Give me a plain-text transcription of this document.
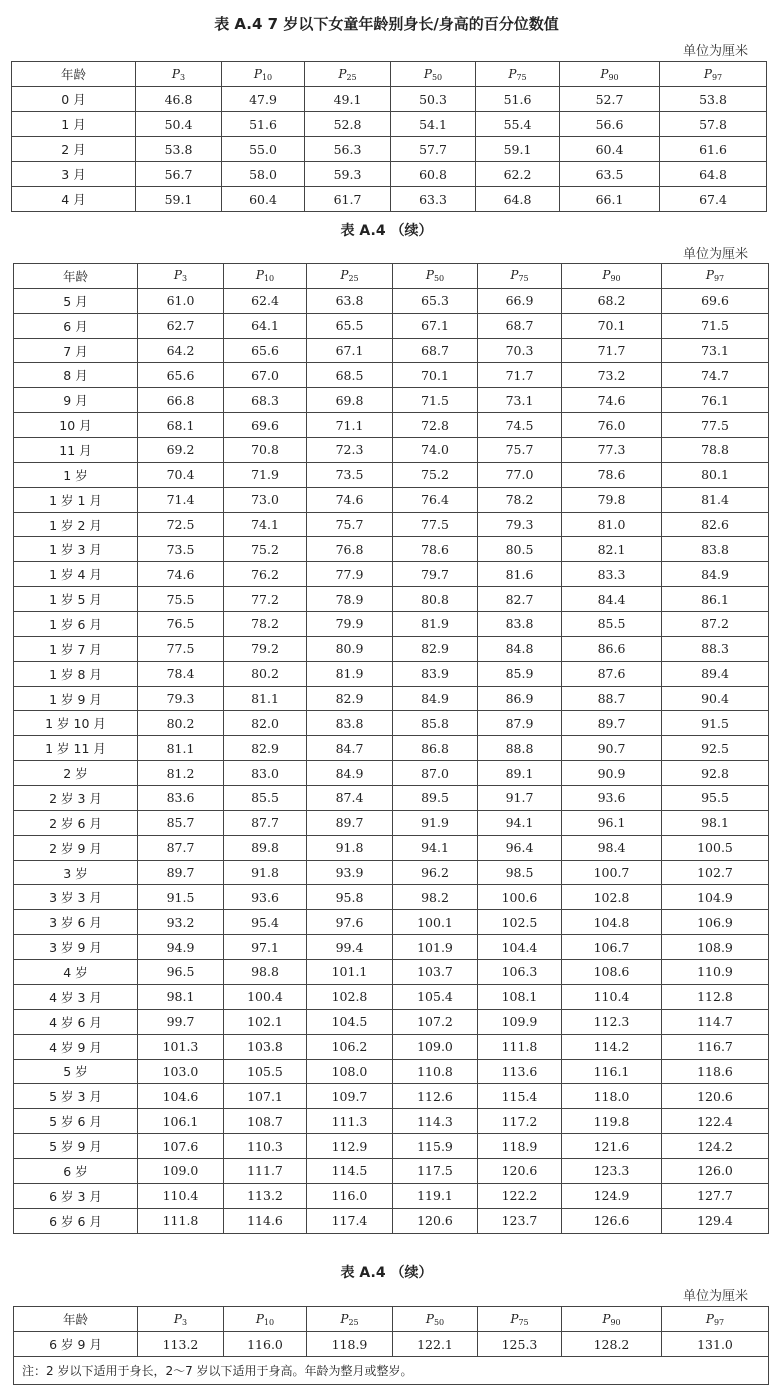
表 A.4 7 岁以下女童年龄别身长/身高的百分位数值
单位为厘米
年龄	$P_3$	$P_{10}$	$P_{25}$	$P_{50}$	$P_{75}$	$P_{90}$	$P_{97}$
0 月	46.8	47.9	49.1	50.3	51.6	52.7	53.8
1 月	50.4	51.6	52.8	54.1	55.4	56.6	57.8
2 月	53.8	55.0	56.3	57.7	59.1	60.4	61.6
3 月	56.7	58.0	59.3	60.8	62.2	63.5	64.8
4 月	59.1	60.4	61.7	63.3	64.8	66.1	67.4
表 A.4 （续）
单位为厘米
年龄	$P_3$	$P_{10}$	$P_{25}$	$P_{50}$	$P_{75}$	$P_{90}$	$P_{97}$
5 月	61.0	62.4	63.8	65.3	66.9	68.2	69.6
6 月	62.7	64.1	65.5	67.1	68.7	70.1	71.5
7 月	64.2	65.6	67.1	68.7	70.3	71.7	73.1
8 月	65.6	67.0	68.5	70.1	71.7	73.2	74.7
9 月	66.8	68.3	69.8	71.5	73.1	74.6	76.1
10 月	68.1	69.6	71.1	72.8	74.5	76.0	77.5
11 月	69.2	70.8	72.3	74.0	75.7	77.3	78.8
1 岁	70.4	71.9	73.5	75.2	77.0	78.6	80.1
1 岁 1 月	71.4	73.0	74.6	76.4	78.2	79.8	81.4
1 岁 2 月	72.5	74.1	75.7	77.5	79.3	81.0	82.6
1 岁 3 月	73.5	75.2	76.8	78.6	80.5	82.1	83.8
1 岁 4 月	74.6	76.2	77.9	79.7	81.6	83.3	84.9
1 岁 5 月	75.5	77.2	78.9	80.8	82.7	84.4	86.1
1 岁 6 月	76.5	78.2	79.9	81.9	83.8	85.5	87.2
1 岁 7 月	77.5	79.2	80.9	82.9	84.8	86.6	88.3
1 岁 8 月	78.4	80.2	81.9	83.9	85.9	87.6	89.4
1 岁 9 月	79.3	81.1	82.9	84.9	86.9	88.7	90.4
1 岁 10 月	80.2	82.0	83.8	85.8	87.9	89.7	91.5
1 岁 11 月	81.1	82.9	84.7	86.8	88.8	90.7	92.5
2 岁	81.2	83.0	84.9	87.0	89.1	90.9	92.8
2 岁 3 月	83.6	85.5	87.4	89.5	91.7	93.6	95.5
2 岁 6 月	85.7	87.7	89.7	91.9	94.1	96.1	98.1
2 岁 9 月	87.7	89.8	91.8	94.1	96.4	98.4	100.5
3 岁	89.7	91.8	93.9	96.2	98.5	100.7	102.7
3 岁 3 月	91.5	93.6	95.8	98.2	100.6	102.8	104.9
3 岁 6 月	93.2	95.4	97.6	100.1	102.5	104.8	106.9
3 岁 9 月	94.9	97.1	99.4	101.9	104.4	106.7	108.9
4 岁	96.5	98.8	101.1	103.7	106.3	108.6	110.9
4 岁 3 月	98.1	100.4	102.8	105.4	108.1	110.4	112.8
4 岁 6 月	99.7	102.1	104.5	107.2	109.9	112.3	114.7
4 岁 9 月	101.3	103.8	106.2	109.0	111.8	114.2	116.7
5 岁	103.0	105.5	108.0	110.8	113.6	116.1	118.6
5 岁 3 月	104.6	107.1	109.7	112.6	115.4	118.0	120.6
5 岁 6 月	106.1	108.7	111.3	114.3	117.2	119.8	122.4
5 岁 9 月	107.6	110.3	112.9	115.9	118.9	121.6	124.2
6 岁	109.0	111.7	114.5	117.5	120.6	123.3	126.0
6 岁 3 月	110.4	113.2	116.0	119.1	122.2	124.9	127.7
6 岁 6 月	111.8	114.6	117.4	120.6	123.7	126.6	129.4
表 A.4 （续）
单位为厘米
年龄	$P_3$	$P_{10}$	$P_{25}$	$P_{50}$	$P_{75}$	$P_{90}$	$P_{97}$
6 岁 9 月	113.2	116.0	118.9	122.1	125.3	128.2	131.0
注：2 岁以下适用于身长，2～7 岁以下适用于身高。年龄为整月或整岁。							
